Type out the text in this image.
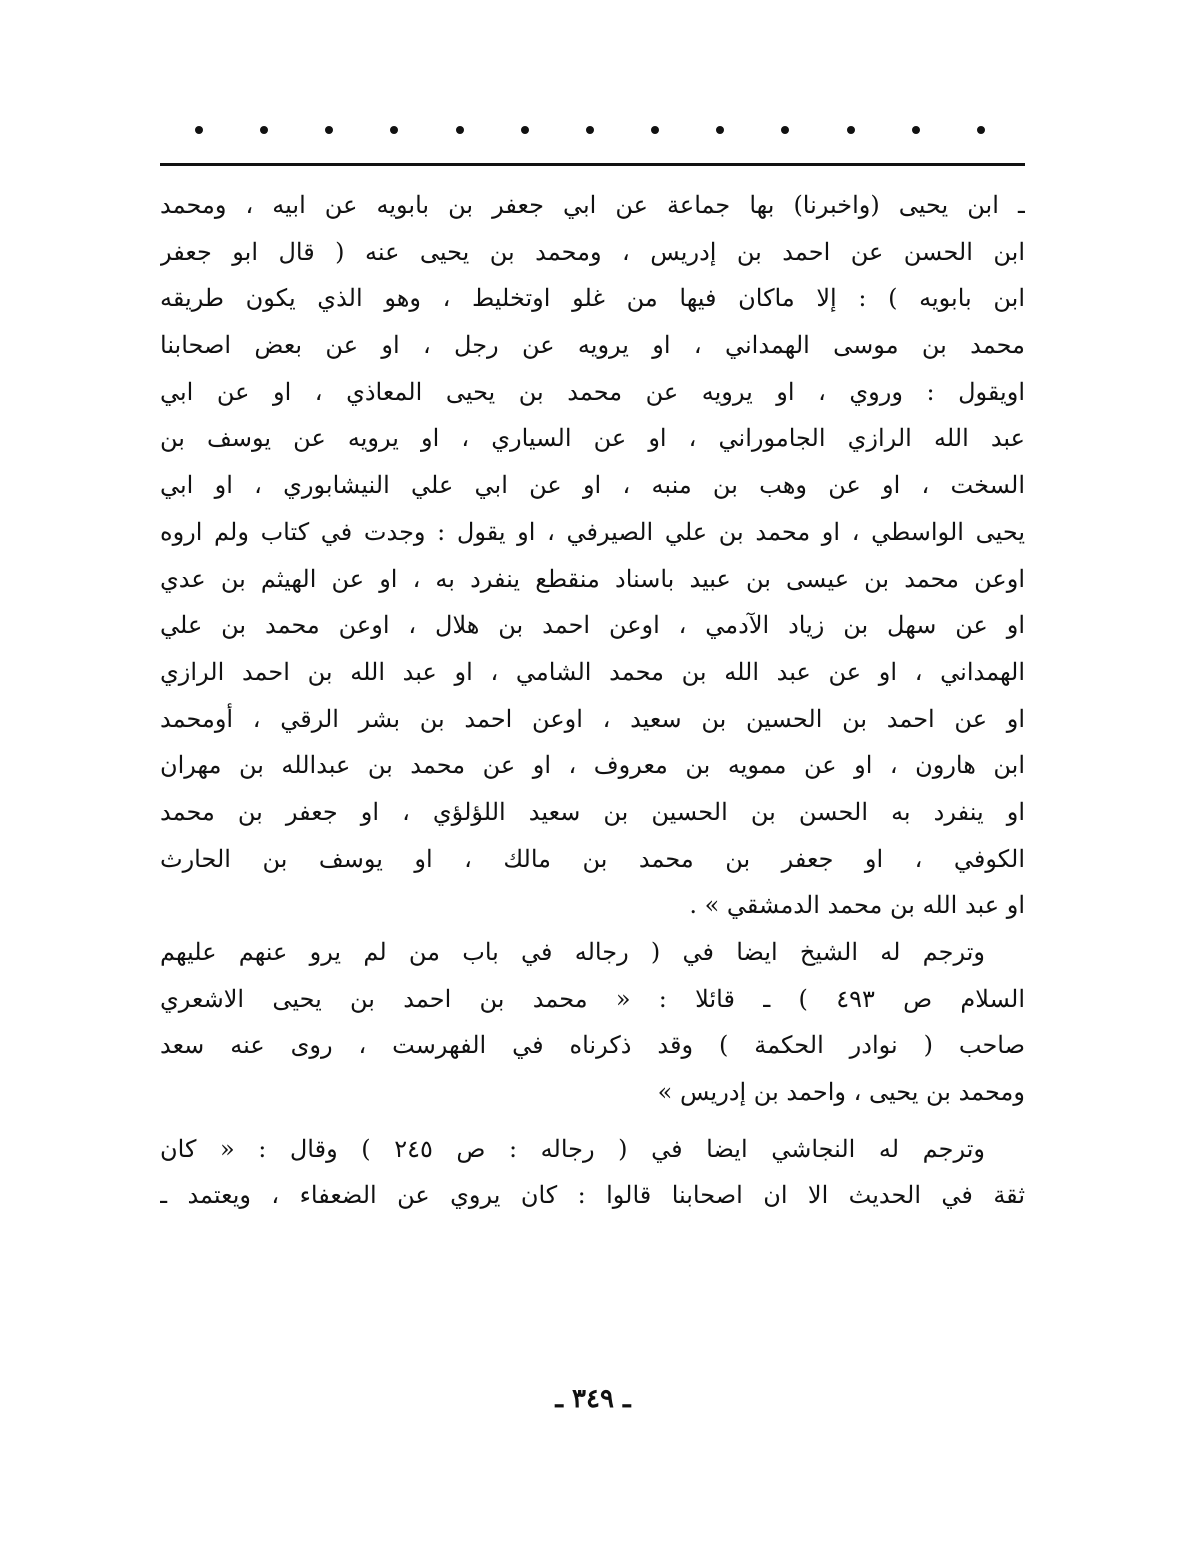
ـ ابن يحيى (واخبرنا) بها جماعة عن ابي جعفر بن بابويه عن ابيه ، ومحمد
ابن الحسن عن احمد بن إدريس ، ومحمد بن يحيى عنه ( قال ابو جعفر
ابن بابويه ) : إلا ماكان فيها من غلو اوتخليط ، وهو الذي يكون طريقه
محمد بن موسى الهمداني ، او يرويه عن رجل ، او عن بعض اصحابنا
اويقول : وروي ، او يرويه عن محمد بن يحيى المعاذي ، او عن ابي
عبد الله الرازي الجاموراني ، او عن السياري ، او يرويه عن يوسف بن
السخت ، او عن وهب بن منبه ، او عن ابي علي النيشابوري ، او ابي
يحيى الواسطي ، او محمد بن علي الصيرفي ، او يقول : وجدت في كتاب ولم اروه
اوعن محمد بن عيسى بن عبيد باسناد منقطع ينفرد به ، او عن الهيثم بن عدي
او عن سهل بن زياد الآدمي ، اوعن احمد بن هلال ، اوعن محمد بن علي
الهمداني ، او عن عبد الله بن محمد الشامي ، او عبد الله بن احمد الرازي
او عن احمد بن الحسين بن سعيد ، اوعن احمد بن بشر الرقي ، أومحمد
ابن هارون ، او عن ممويه بن معروف ، او عن محمد بن عبدالله بن مهران
او ينفرد به الحسن بن الحسين بن سعيد اللؤلؤي ، او جعفر بن محمد
الكوفي ، او جعفر بن محمد بن مالك ، او يوسف بن الحارث
او عبد الله بن محمد الدمشقي » .
وترجم له الشيخ ايضا في ( رجاله في باب من لم يرو عنهم عليهم
السلام ص ٤٩٣ ) ـ قائلا : « محمد بن احمد بن يحيى الاشعري
صاحب ( نوادر الحكمة ) وقد ذكرناه في الفهرست ، روى عنه سعد
ومحمد بن يحيى ، واحمد بن إدريس »
وترجم له النجاشي ايضا في ( رجاله : ص ٢٤٥ ) وقال : « كان
ثقة في الحديث الا ان اصحابنا قالوا : كان يروي عن الضعفاء ، ويعتمد ـ
ـ ٣٤٩ ـ
